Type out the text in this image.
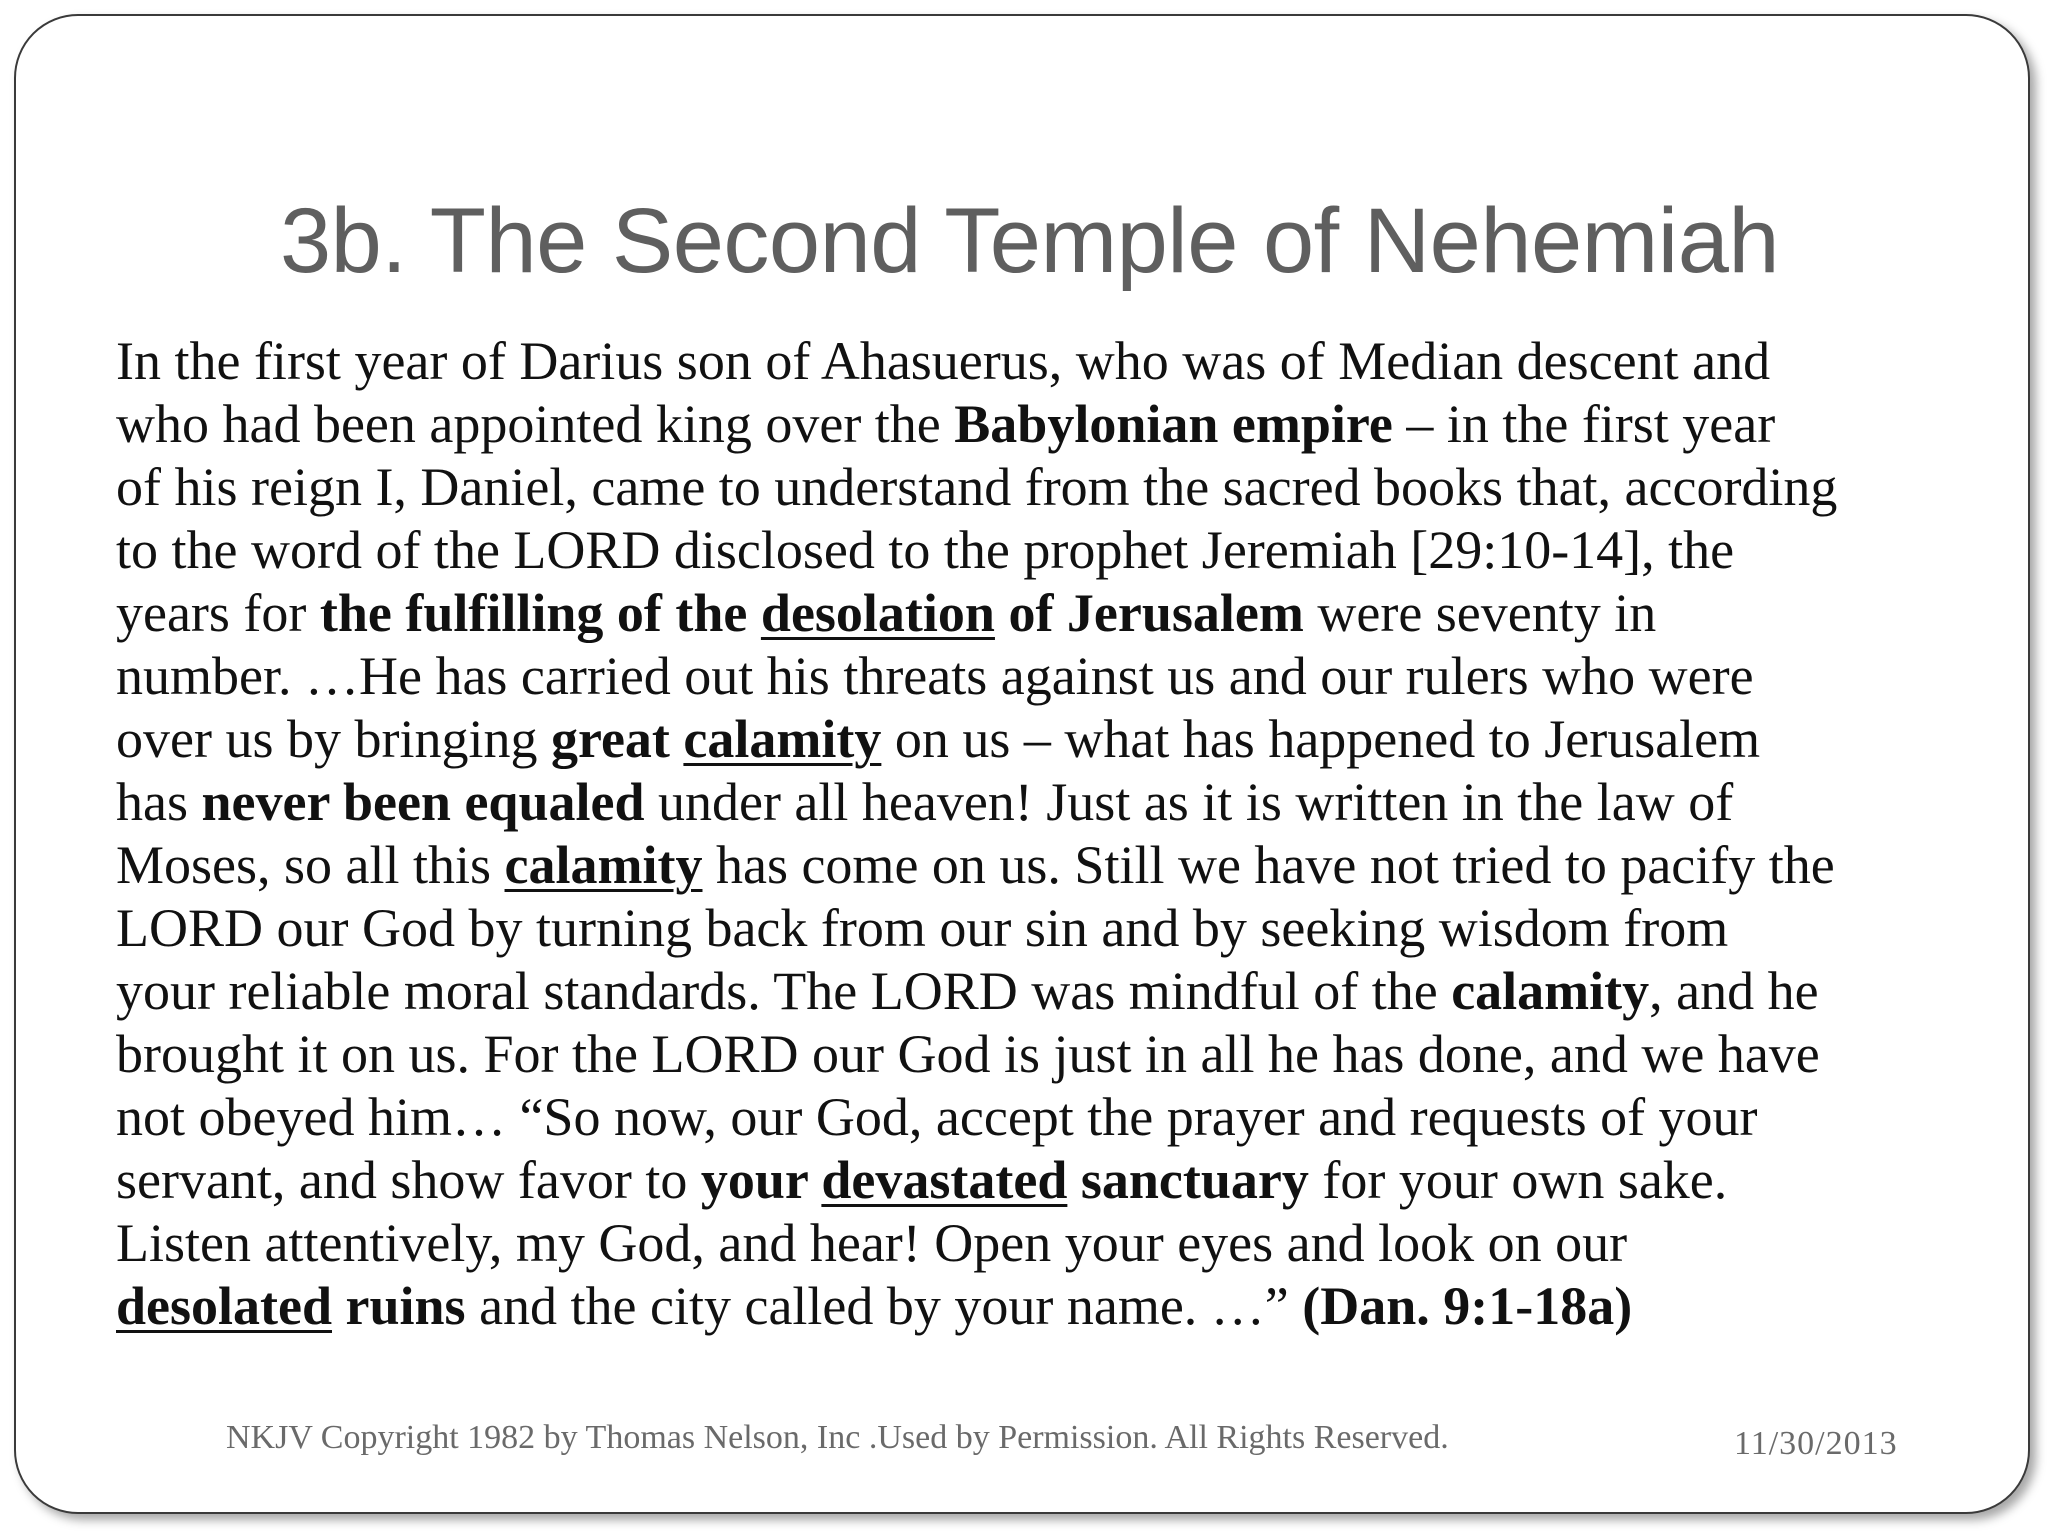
3b. The Second Temple of Nehemiah
In the first year of Darius son of Ahasuerus, who was of Median descent and
who had been appointed king over the Babylonian empire – in the first year
of his reign I, Daniel, came to understand from the sacred books that, according
to the word of the LORD disclosed to the prophet Jeremiah [29:10-14], the
years for the fulfilling of the desolation of Jerusalem were seventy in
number. …He has carried out his threats against us and our rulers who were
over us by bringing great calamity on us – what has happened to Jerusalem
has never been equaled under all heaven! Just as it is written in the law of
Moses, so all this calamity has come on us. Still we have not tried to pacify the
LORD our God by turning back from our sin and by seeking wisdom from
your reliable moral standards. The LORD was mindful of the calamity, and he
brought it on us. For the LORD our God is just in all he has done, and we have
not obeyed him… “So now, our God, accept the prayer and requests of your
servant, and show favor to your devastated sanctuary for your own sake.
Listen attentively, my God, and hear! Open your eyes and look on our
desolated ruins and the city called by your name. …” (Dan. 9:1-18a)
NKJV Copyright 1982 by Thomas Nelson, Inc .Used by Permission. All Rights Reserved.	11/30/2013
